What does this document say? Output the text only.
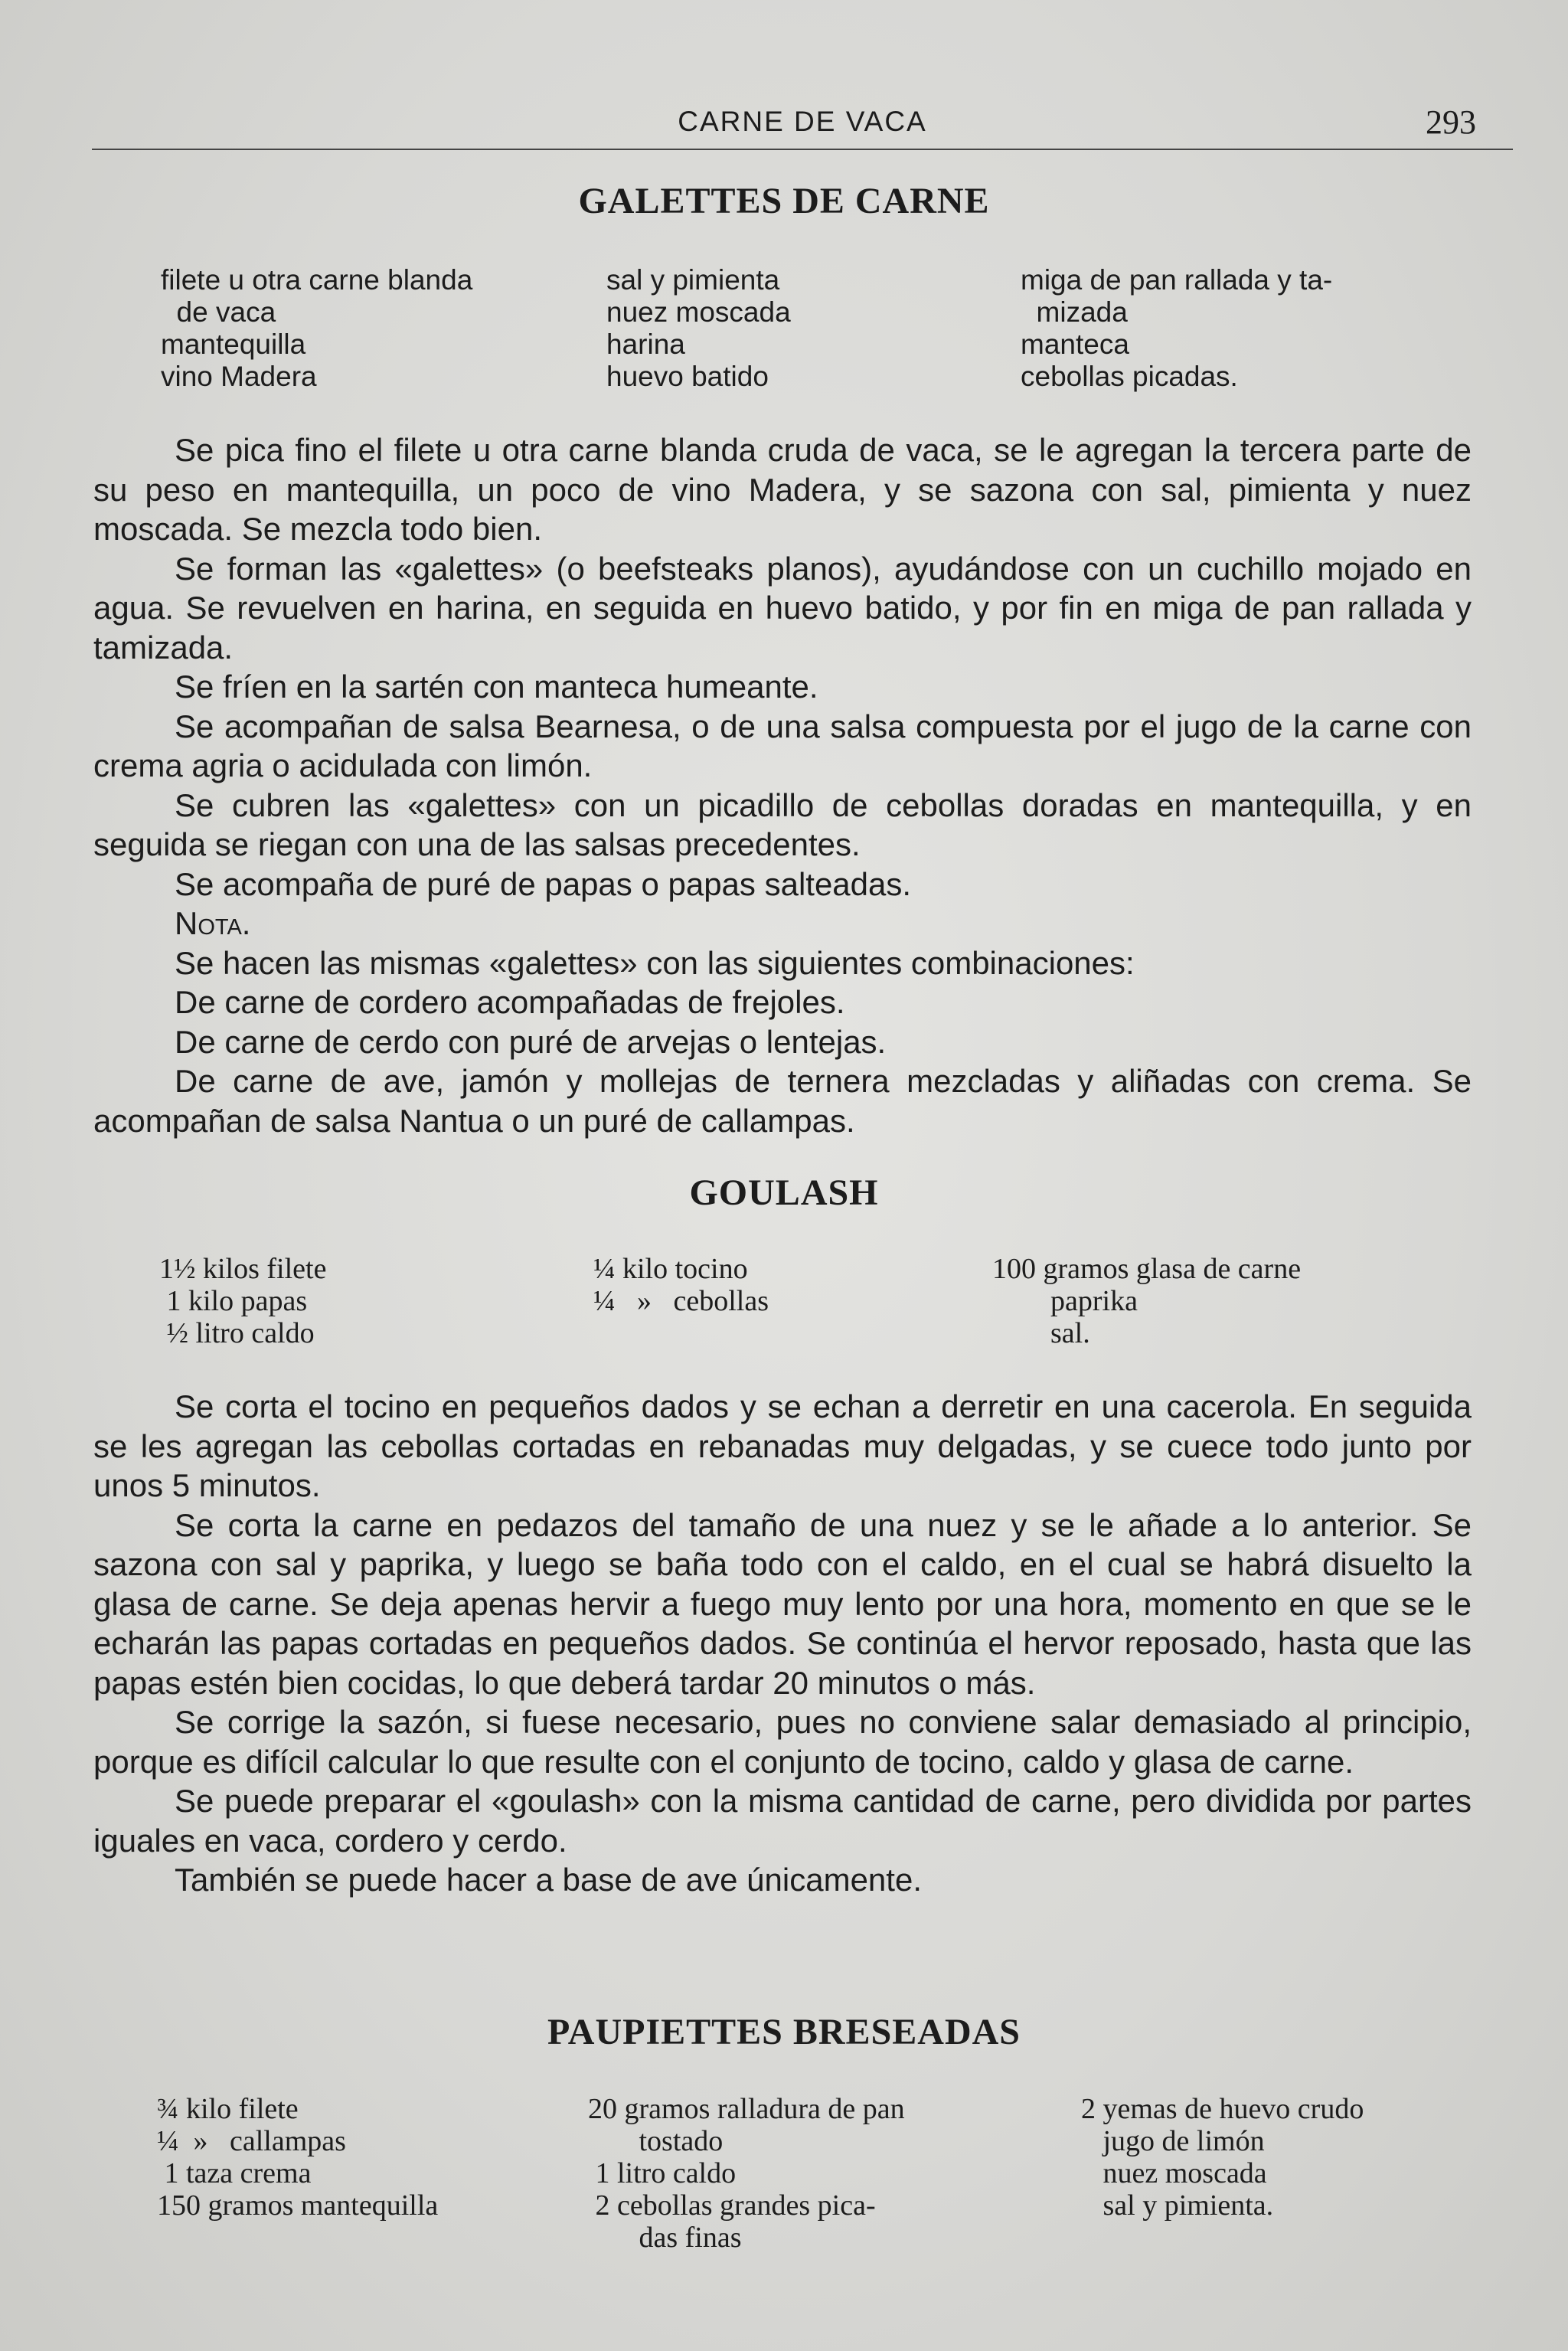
CARNE DE VACA	293
GALETTES DE CARNE
filete u otra carne blanda
de vaca
mantequilla
vino Madera
sal y pimienta
nuez moscada
harina
huevo batido
miga de pan rallada y ta-
mizada
manteca
cebollas picadas.

Se pica fino el filete u otra carne blanda cruda de vaca, se le agregan la tercera parte de su peso en mantequilla, un poco de vino Madera, y se sazona con sal, pimienta y nuez moscada. Se mezcla todo bien.

Se forman las «galettes» (o beefsteaks planos), ayudándose con un cuchillo mojado en agua. Se revuelven en harina, en seguida en huevo batido, y por fin en miga de pan rallada y tamizada.

Se fríen en la sartén con manteca humeante.

Se acompañan de salsa Bearnesa, o de una salsa compuesta por el jugo de la carne con crema agria o acidulada con limón.

Se cubren las «galettes» con un picadillo de cebollas doradas en mantequilla, y en seguida se riegan con una de las salsas precedentes.

Se acompaña de puré de papas o papas salteadas.

Nota.

Se hacen las mismas «galettes» con las siguientes combinaciones:

De carne de cordero acompañadas de frejoles.

De carne de cerdo con puré de arvejas o lentejas.

De carne de ave, jamón y mollejas de ternera mezcladas y aliñadas con crema. Se acompañan de salsa Nantua o un puré de callampas.

GOULASH
1½ kilos filete
1 kilo papas
½ litro caldo
¼ kilo tocino
¼   »   cebollas
100 gramos glasa de carne
paprika
sal.

Se corta el tocino en pequeños dados y se echan a derretir en una cacerola. En seguida se les agregan las cebollas cortadas en rebanadas muy delgadas, y se cuece todo junto por unos 5 minutos.

Se corta la carne en pedazos del tamaño de una nuez y se le añade a lo anterior. Se sazona con sal y paprika, y luego se baña todo con el caldo, en el cual se habrá disuelto la glasa de carne. Se deja apenas hervir a fuego muy lento por una hora, momento en que se le echarán las papas cortadas en pequeños dados. Se continúa el hervor reposado, hasta que las papas estén bien cocidas, lo que deberá tardar 20 minutos o más.

Se corrige la sazón, si fuese necesario, pues no conviene salar demasiado al principio, porque es difícil calcular lo que resulte con el conjunto de tocino, caldo y glasa de carne.

Se puede preparar el «goulash» con la misma cantidad de carne, pero dividida por partes iguales en vaca, cordero y cerdo.

También se puede hacer a base de ave únicamente.

PAUPIETTES BRESEADAS
¾ kilo filete
¼  »   callampas
1 taza crema
150 gramos mantequilla
20 gramos ralladura de pan
tostado
1 litro caldo
2 cebollas grandes pica-
das finas
2 yemas de huevo crudo
jugo de limón
nuez moscada
sal y pimienta.
